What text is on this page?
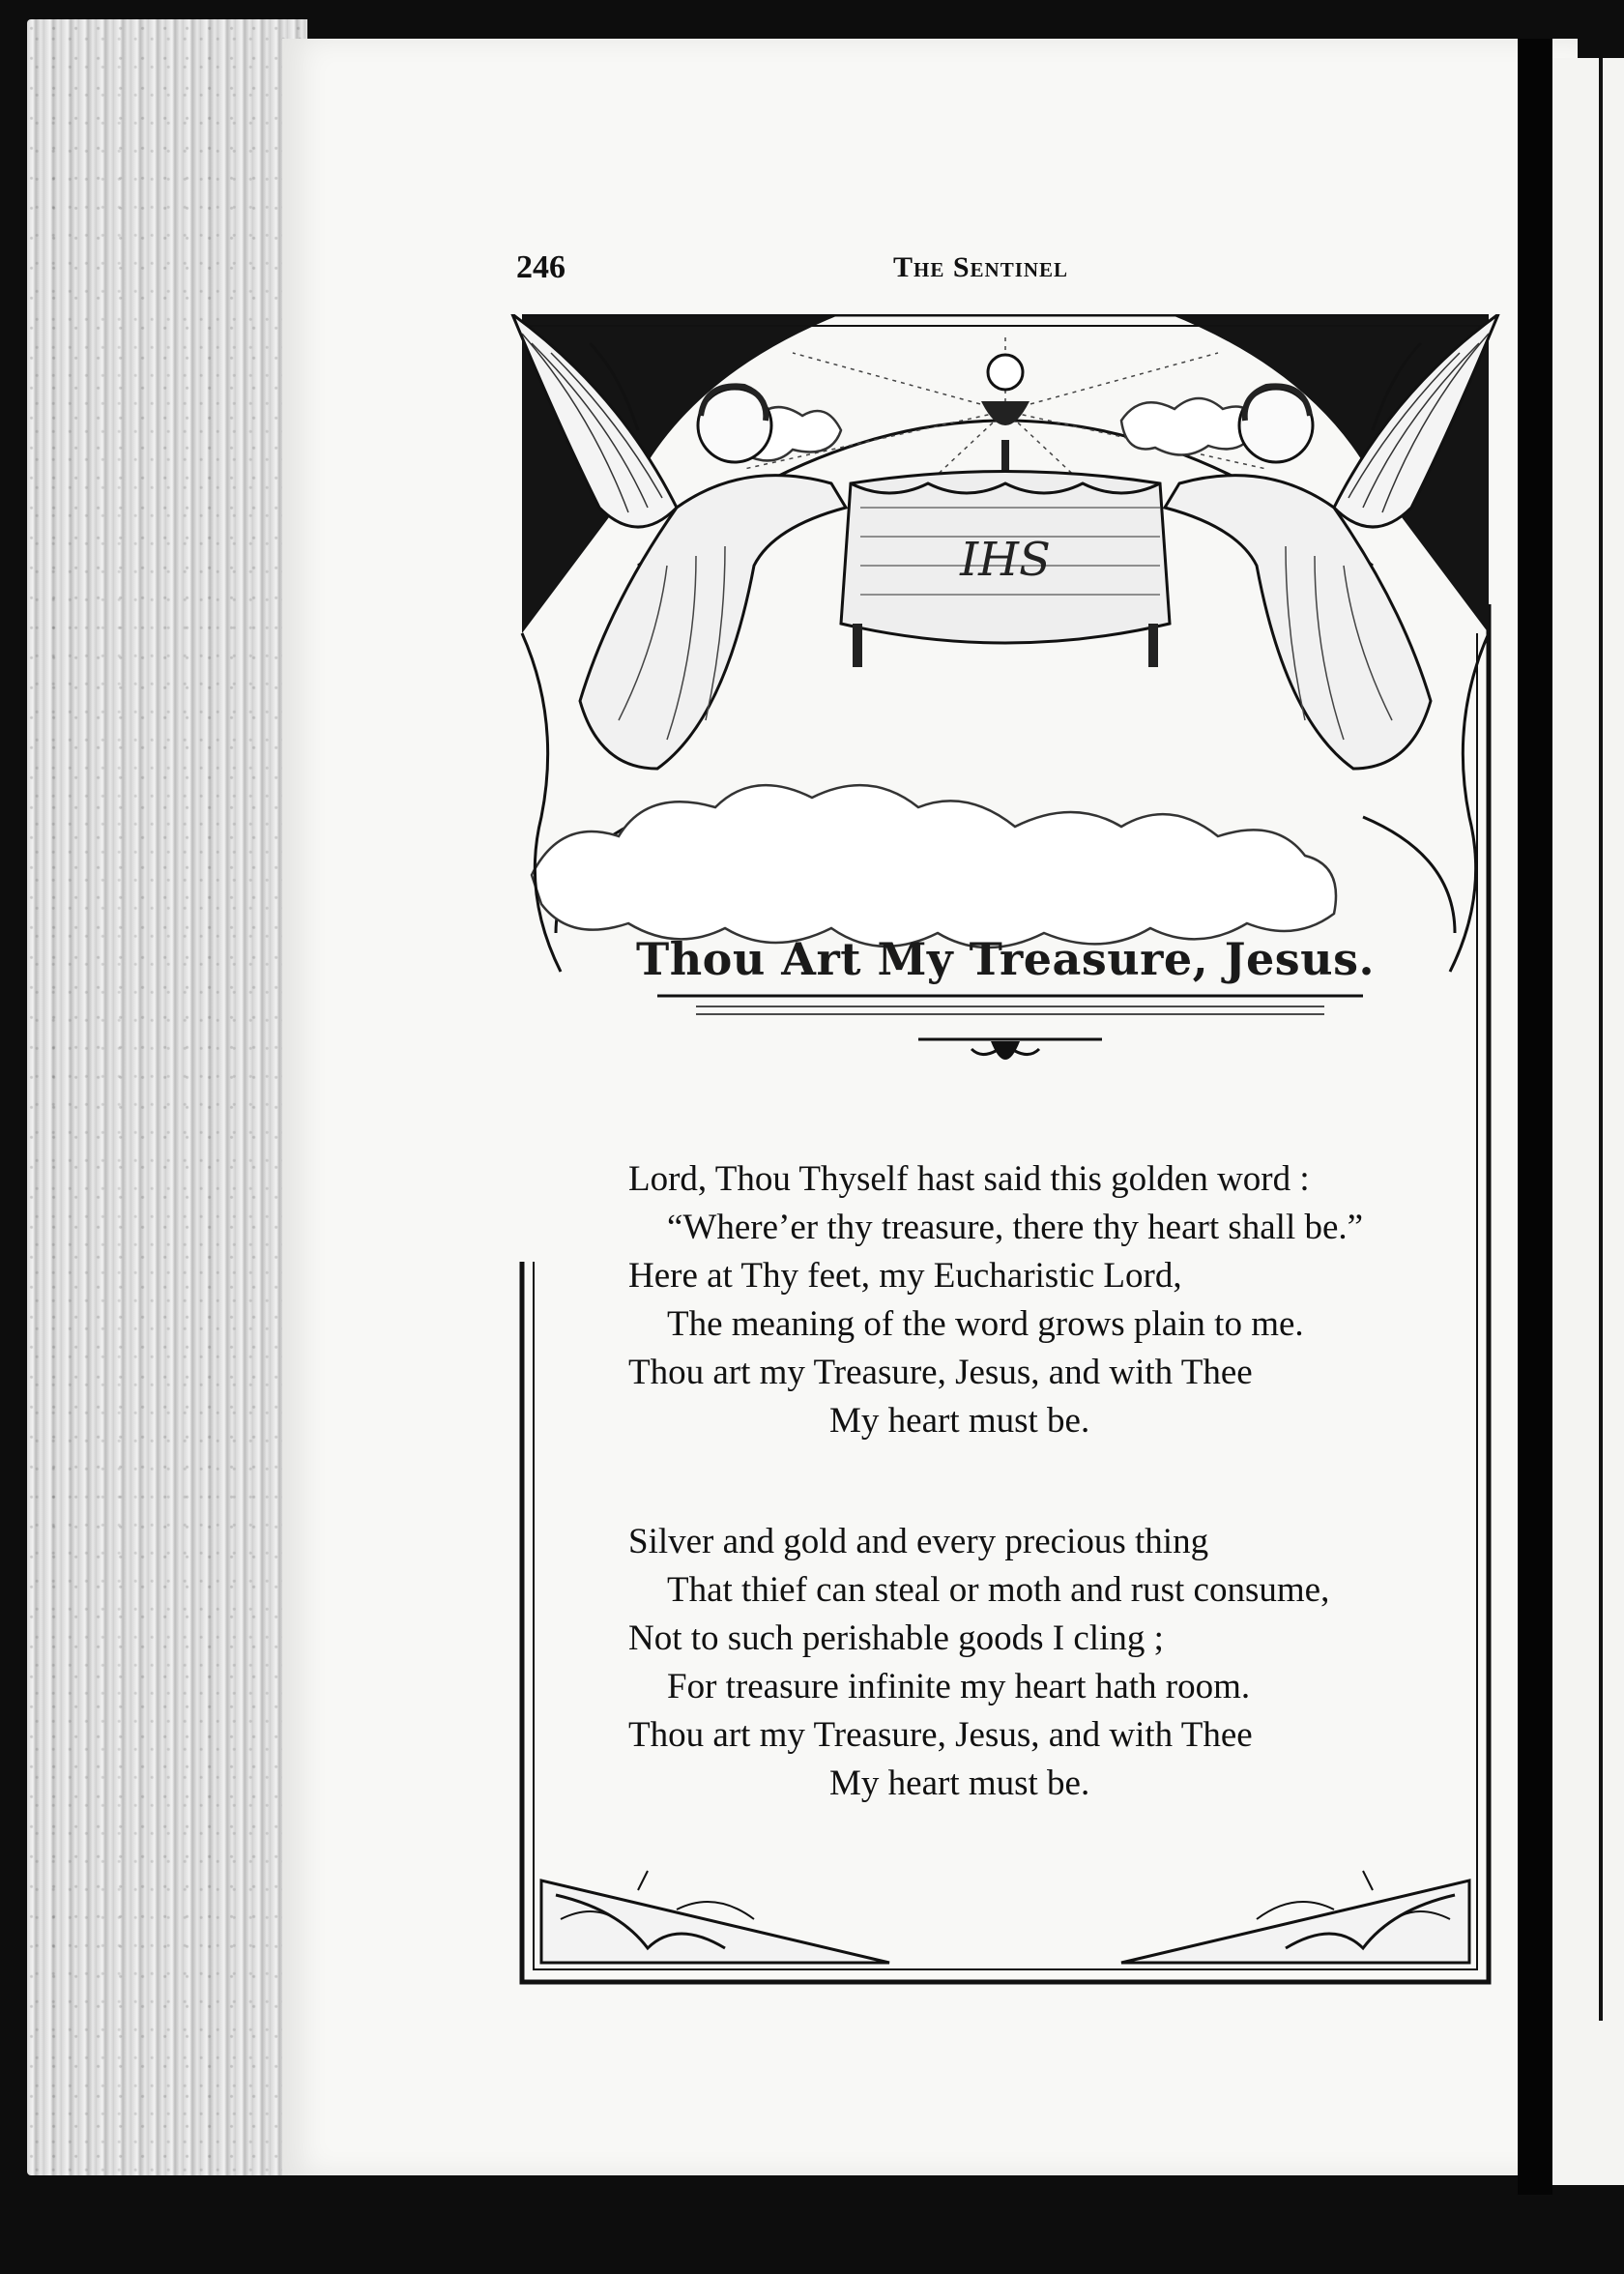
246	The Sentinel
IHS
Thou Art My Treasure, Jesus.
Lord, Thou Thyself hast said this golden word :
“Where’er thy treasure, there thy heart shall be.”
Here at Thy feet, my Eucharistic Lord,
The meaning of the word grows plain to me.
Thou art my Treasure, Jesus, and with Thee
My heart must be.
Silver and gold and every precious thing
That thief can steal or moth and rust consume,
Not to such perishable goods I cling ;
For treasure infinite my heart hath room.
Thou art my Treasure, Jesus, and with Thee
My heart must be.
